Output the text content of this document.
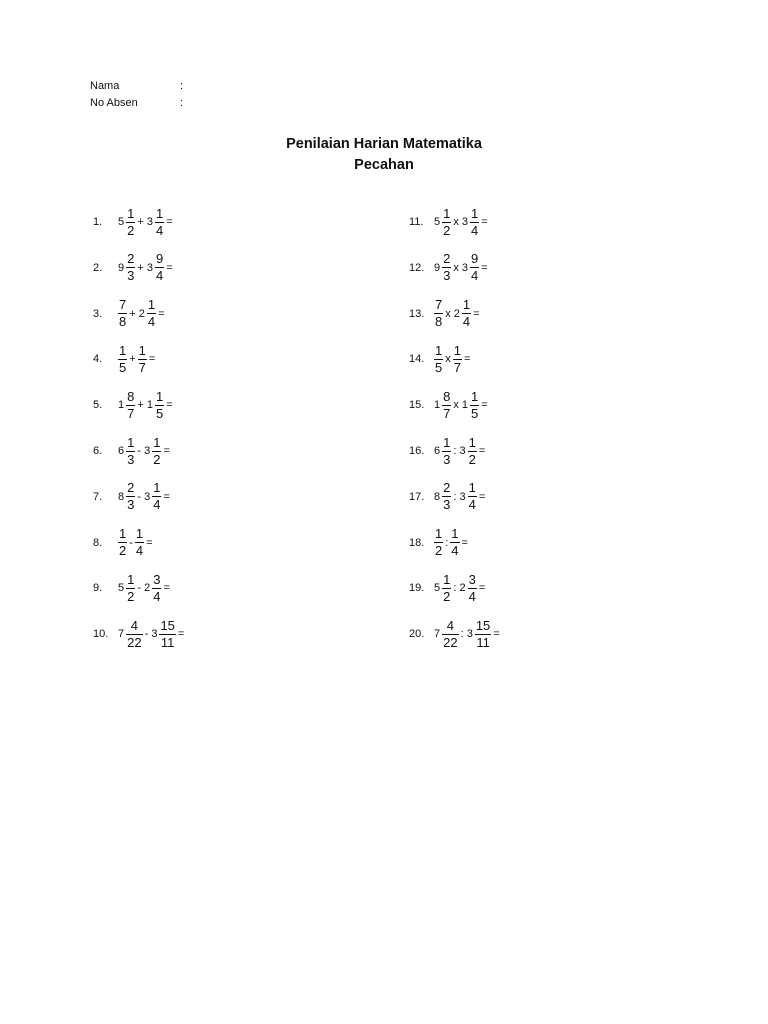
Nama	:
No Absen	:
Penilaian Harian Matematika
Pecahan
1.	$5 \frac{1}{2} + 3 \frac{1}{4}$ =
2.	$9 \frac{2}{3} + 3 \frac{9}{4}$ =
3.	$\frac{7}{8} + 2 \frac{1}{4}$ =
4.	$\frac{1}{5} + \frac{1}{7}$ =
5.	$1 \frac{8}{7} + 1 \frac{1}{5}$ =
6.	$6 \frac{1}{3} - 3 \frac{1}{2}$ =
7.	$8 \frac{2}{3} - 3 \frac{1}{4}$ =
8.	$\frac{1}{2} - \frac{1}{4}$ =
9.	$5 \frac{1}{2} - 2 \frac{3}{4}$ =
10. $7 \frac{4}{22} - 3 \frac{15}{11}$ =
11. $5 \frac{1}{2}$ x $3 \frac{1}{4}$ =
12. $9 \frac{2}{3}$ x $3 \frac{9}{4}$ =
13. $\frac{7}{8}$ x $2 \frac{1}{4}$ =
14. $\frac{1}{5}$ x $\frac{1}{7}$ =
15. $1 \frac{8}{7}$ x $1 \frac{1}{5}$ =
16. $6 \frac{1}{3}$ : $3 \frac{1}{2}$ =
17. $8 \frac{2}{3}$ : $3 \frac{1}{4}$ =
18. $\frac{1}{2}$ : $\frac{1}{4}$ =
19. $5 \frac{1}{2}$ : $2 \frac{3}{4}$ =
20. $7 \frac{4}{22}$ : $3 \frac{15}{11}$ =
